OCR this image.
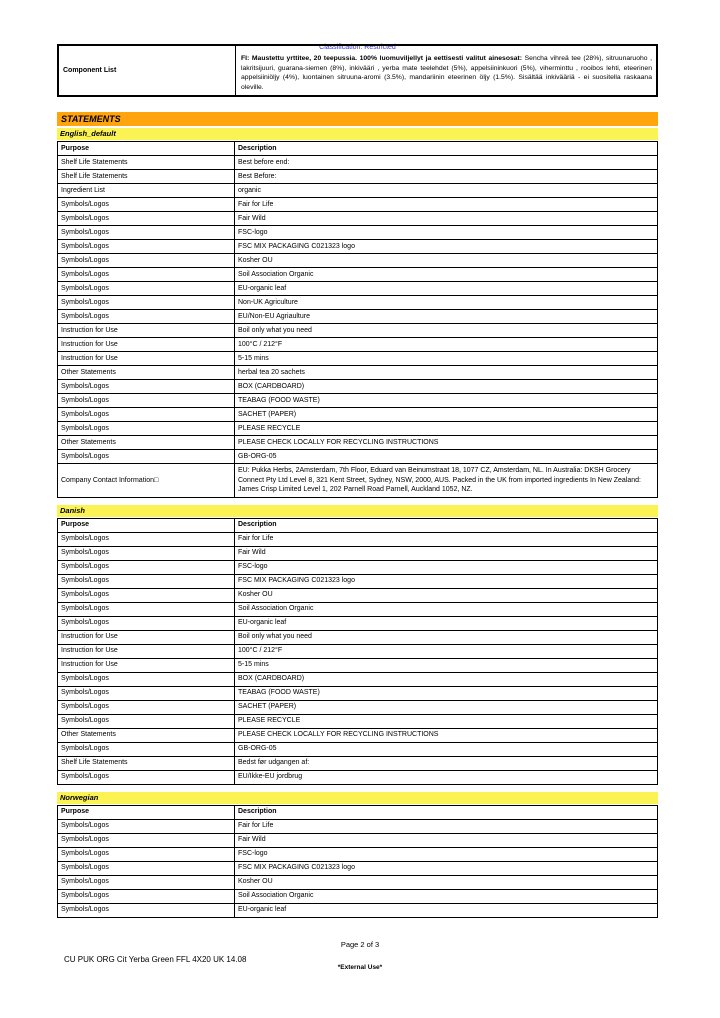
Classification: Restricted
Component List	FI: Maustettu yrttitee, 20 teepussia. 100% luomuviljellyt ja eettisesti valitut ainesosat: Sencha vihreä tee (28%), sitruunaruoho , lakritsijuuri, guarana-siemen (8%), inkivääri , yerba mate teelehdet (5%), appelsiininkuori (5%), viherminttu , rooibos lehti, eteerinen appelsiiniöljy (4%), luontainen sitruuna-aromi (3.5%), mandariinin eteerinen öljy (1.5%). Sisältää inkivääriä - ei suositella raskaana oleville.
STATEMENTS
English_default
Purpose	Description
Shelf Life Statements	Best before end:
Shelf Life Statements	Best Before:
Ingredient List	organic
Symbols/Logos	Fair for Life
Symbols/Logos	Fair Wild
Symbols/Logos	FSC-logo
Symbols/Logos	FSC MIX PACKAGING C021323 logo
Symbols/Logos	Kosher OU
Symbols/Logos	Soil Association Organic
Symbols/Logos	EU-organic leaf
Symbols/Logos	Non-UK Agriculture
Symbols/Logos	EU/Non-EU Agriaulture
Instruction for Use	Boil only what you need
Instruction for Use	100°C / 212°F
Instruction for Use	5-15 mins
Other Statements	herbal tea 20 sachets
Symbols/Logos	BOX (CARDBOARD)
Symbols/Logos	TEABAG (FOOD WASTE)
Symbols/Logos	SACHET (PAPER)
Symbols/Logos	PLEASE RECYCLE
Other Statements	PLEASE CHECK LOCALLY FOR RECYCLING INSTRUCTIONS
Symbols/Logos	GB-ORG-05
Company Contact Information□	EU: Pukka Herbs, 2Amsterdam, 7th Floor, Eduard van Beinumstraat 18, 1077 CZ, Amsterdam, NL. In Australia: DKSH Grocery Connect Pty Ltd Level 8, 321 Kent Street, Sydney, NSW, 2000, AUS. Packed in the UK from imported ingredients In New Zealand: James Crisp Limited Level 1, 202 Parnell Road Parnell, Auckland 1052, NZ.
Danish
Purpose	Description
Symbols/Logos	Fair for Life
Symbols/Logos	Fair Wild
Symbols/Logos	FSC-logo
Symbols/Logos	FSC MIX PACKAGING C021323 logo
Symbols/Logos	Kosher OU
Symbols/Logos	Soil Association Organic
Symbols/Logos	EU-organic leaf
Instruction for Use	Boil only what you need
Instruction for Use	100°C / 212°F
Instruction for Use	5-15 mins
Symbols/Logos	BOX (CARDBOARD)
Symbols/Logos	TEABAG (FOOD WASTE)
Symbols/Logos	SACHET (PAPER)
Symbols/Logos	PLEASE RECYCLE
Other Statements	PLEASE CHECK LOCALLY FOR RECYCLING INSTRUCTIONS
Symbols/Logos	GB-ORG-05
Shelf Life Statements	Bedst før udgangen af:
Symbols/Logos	EU/Ikke-EU jordbrug
Norwegian
Purpose	Description
Symbols/Logos	Fair for Life
Symbols/Logos	Fair Wild
Symbols/Logos	FSC-logo
Symbols/Logos	FSC MIX PACKAGING C021323 logo
Symbols/Logos	Kosher OU
Symbols/Logos	Soil Association Organic
Symbols/Logos	EU-organic leaf
Page 2 of 3
CU PUK ORG Cit Yerba Green FFL 4X20 UK 14.08
*External Use*
